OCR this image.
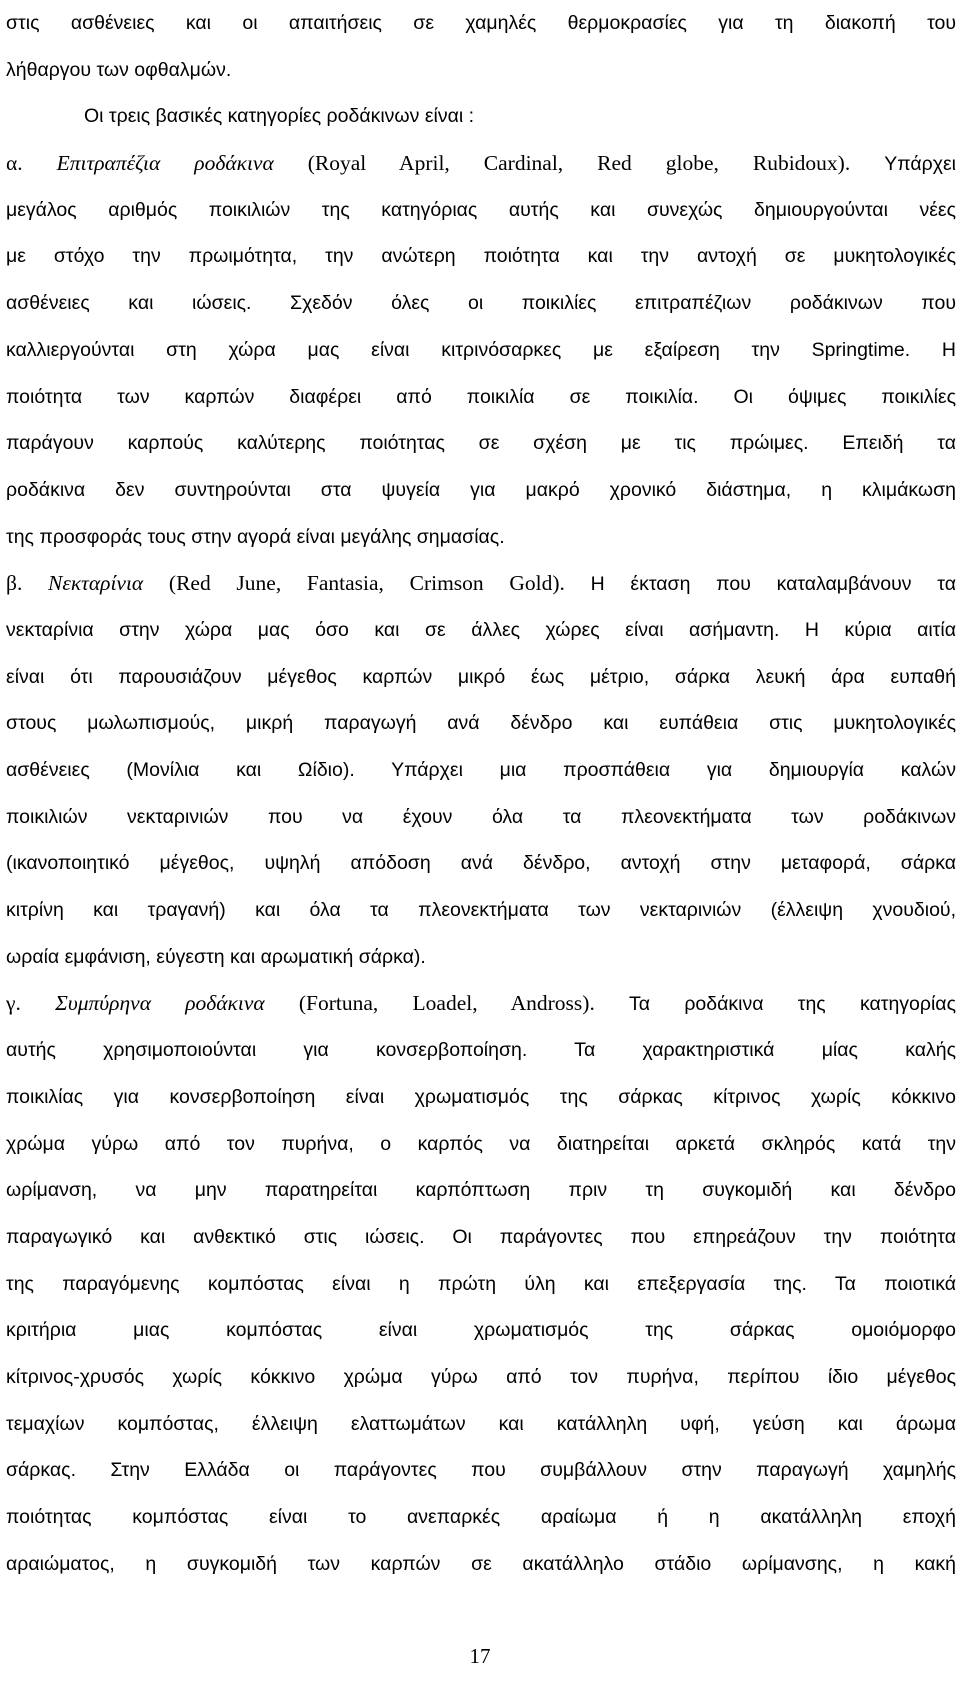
στις ασθένειες και οι απαιτήσεις σε χαμηλές θερμοκρασίες για τη διακοπή του
λήθαργου των οφθαλμών.
Οι τρεις βασικές κατηγορίες ροδάκινων είναι :
α. Επιτραπέζια ροδάκινα (Royal April, Cardinal, Red globe, Rubidoux). Υπάρχει
μεγάλος αριθμός ποικιλιών της κατηγόριας αυτής και συνεχώς δημιουργούνται νέες
με στόχο την πρωιμότητα, την ανώτερη ποιότητα και την αντοχή σε μυκητολογικές
ασθένειες και ιώσεις. Σχεδόν όλες οι ποικιλίες επιτραπέζιων ροδάκινων που
καλλιεργούνται στη χώρα μας είναι κιτρινόσαρκες με εξαίρεση την Springtime. Η
ποιότητα των καρπών διαφέρει από ποικιλία σε ποικιλία. Οι όψιμες ποικιλίες
παράγουν καρπούς καλύτερης ποιότητας σε σχέση με τις πρώιμες. Επειδή τα
ροδάκινα δεν συντηρούνται στα ψυγεία για μακρό χρονικό διάστημα, η κλιμάκωση
της προσφοράς τους στην αγορά είναι μεγάλης σημασίας.
β. Νεκταρίνια (Red June, Fantasia, Crimson Gold). Η έκταση που καταλαμβάνουν τα
νεκταρίνια στην χώρα μας όσο και σε άλλες χώρες είναι ασήμαντη. Η κύρια αιτία
είναι ότι παρουσιάζουν μέγεθος καρπών μικρό έως μέτριο, σάρκα λευκή άρα ευπαθή
στους μωλωπισμούς, μικρή παραγωγή ανά δένδρο και ευπάθεια στις μυκητολογικές
ασθένειες (Μονίλια και Ωίδιο). Υπάρχει μια προσπάθεια για δημιουργία καλών
ποικιλιών νεκταρινιών που να έχουν όλα τα πλεονεκτήματα των ροδάκινων
(ικανοποιητικό μέγεθος, υψηλή απόδοση ανά δένδρο, αντοχή στην μεταφορά, σάρκα
κιτρίνη και τραγανή) και όλα τα πλεονεκτήματα των νεκταρινιών (έλλειψη χνουδιού,
ωραία εμφάνιση, εύγεστη και αρωματική σάρκα).
γ. Συμπύρηνα ροδάκινα (Fortuna, Loadel, Andross). Τα ροδάκινα της κατηγορίας
αυτής χρησιμοποιούνται για κονσερβοποίηση. Τα χαρακτηριστικά μίας καλής
ποικιλίας για κονσερβοποίηση είναι χρωματισμός της σάρκας κίτρινος χωρίς κόκκινο
χρώμα γύρω από τον πυρήνα, ο καρπός να διατηρείται αρκετά σκληρός κατά την
ωρίμανση, να μην παρατηρείται καρπόπτωση πριν τη συγκομιδή και δένδρο
παραγωγικό και ανθεκτικό στις ιώσεις. Οι παράγοντες που επηρεάζουν την ποιότητα
της παραγόμενης κομπόστας είναι η πρώτη ύλη και επεξεργασία της. Τα ποιοτικά
κριτήρια μιας κομπόστας είναι χρωματισμός της σάρκας ομοιόμορφο
κίτρινος-χρυσός χωρίς κόκκινο χρώμα γύρω από τον πυρήνα, περίπου ίδιο μέγεθος
τεμαχίων κομπόστας, έλλειψη ελαττωμάτων και κατάλληλη υφή, γεύση και άρωμα
σάρκας. Στην Ελλάδα οι παράγοντες που συμβάλλουν στην παραγωγή χαμηλής
ποιότητας κομπόστας είναι το ανεπαρκές αραίωμα ή η ακατάλληλη εποχή
αραιώματος, η συγκομιδή των καρπών σε ακατάλληλο στάδιο ωρίμανσης, η κακή
17
